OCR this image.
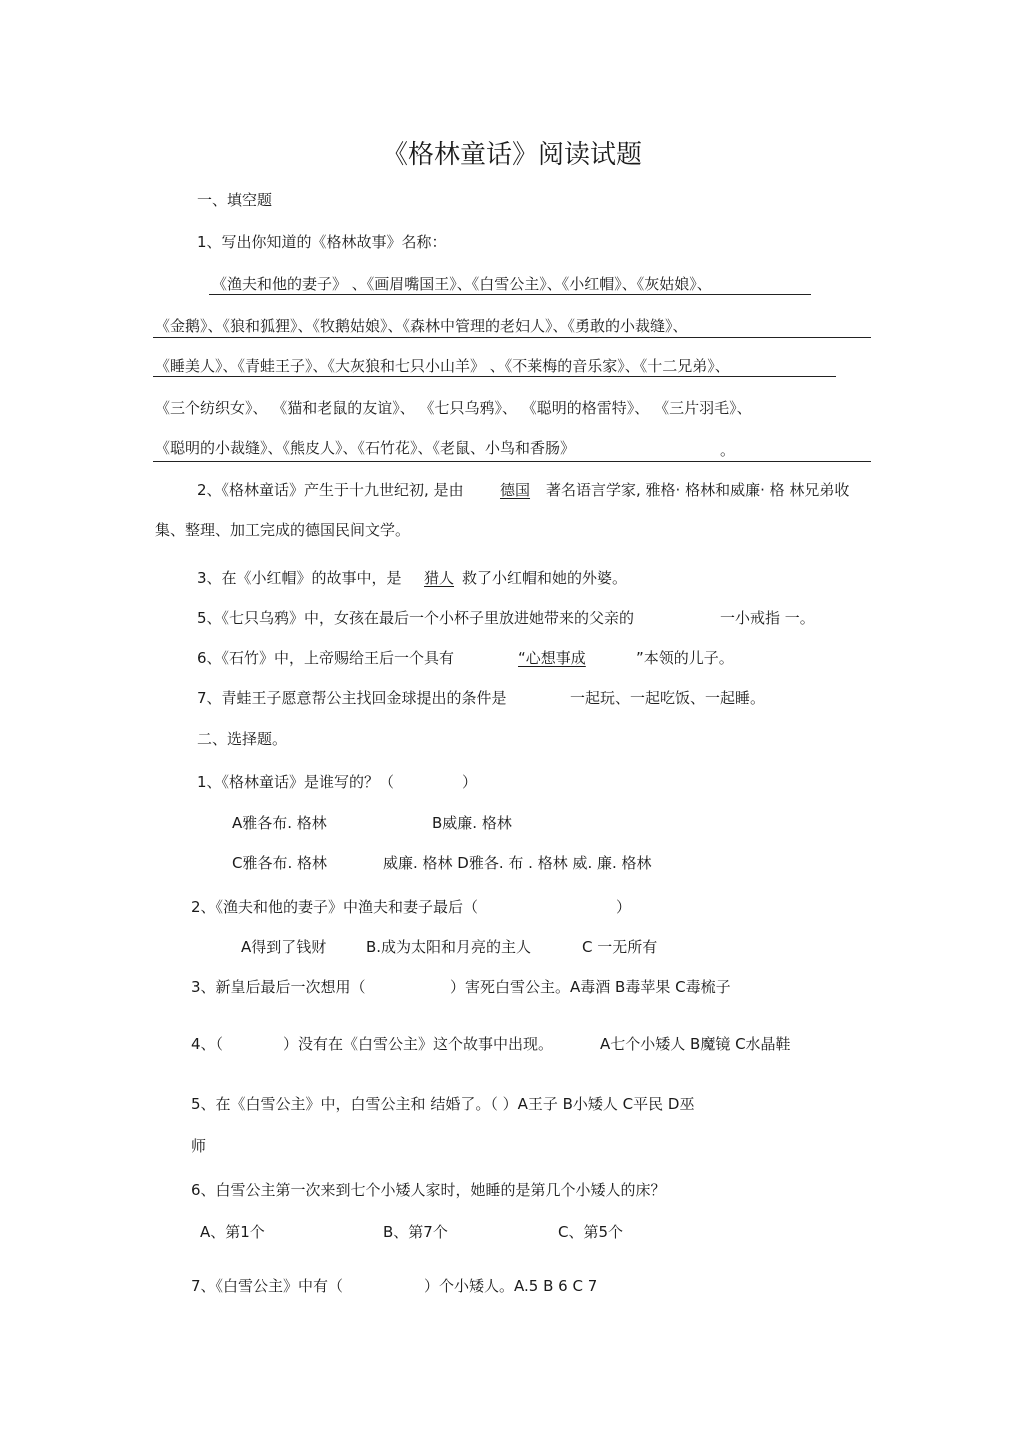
《格林童话》阅读试题
一、填空题
1、写出你知道的《格林故事》名称：
《渔夫和他的妻子》 、《画眉嘴国王》、《白雪公主》、《小红帽》、《灰姑娘》、
《金鹅》、《狼和狐狸》、《牧鹅姑娘》、《森林中管理的老妇人》、《勇敢的小裁缝》、
《睡美人》、《青蛙王子》、《大灰狼和七只小山羊》 、《不莱梅的音乐家》、《十二兄弟》、
《三个纺织女》、 《猫和老鼠的友谊》、 《七只乌鸦》、 《聪明的格雷特》、 《三片羽毛》、
《聪明的小裁缝》、《熊皮人》、《石竹花》、《老鼠、小鸟和香肠》	。
2、《格林童话》产生于十九世纪初, 是由 德国 著名语言学家, 雅格· 格林和威廉· 格 林兄弟收
集、整理、加工完成的德国民间文学。
3、在《小红帽》的故事中，是 猎人 救了小红帽和她的外婆。
5、《七只乌鸦》中，女孩在最后一个小杯子里放进她带来的父亲的	一小戒指 一。
6、《石竹》中，上帝赐给王后一个具有	“心想事成	”本领的儿子。
7、青蛙王子愿意帮公主找回金球提出的条件是	一起玩、一起吃饭、一起睡。
二、选择题。
1、《格林童话》是谁写的？（	）
A雅各布. 格林	B威廉. 格林
C雅各布. 格林	威廉. 格林 D雅各. 布 . 格林 威. 廉. 格林
2、《渔夫和他的妻子》中渔夫和妻子最后（	）
A得到了钱财	B.成为太阳和月亮的主人	C 一无所有
3、新皇后最后一次想用（	）害死白雪公主。A毒酒 B毒苹果 C毒梳子
4、（	）没有在《白雪公主》这个故事中出现。	A七个小矮人 B魔镜 C水晶鞋
5、在《白雪公主》中，白雪公主和 结婚了。（ ）A王子 B小矮人 C平民 D巫
师
6、白雪公主第一次来到七个小矮人家时，她睡的是第几个小矮人的床？
A、第1个	B、第7个	C、第5个
7、《白雪公主》中有（	）个小矮人。A.5 B 6 C 7
